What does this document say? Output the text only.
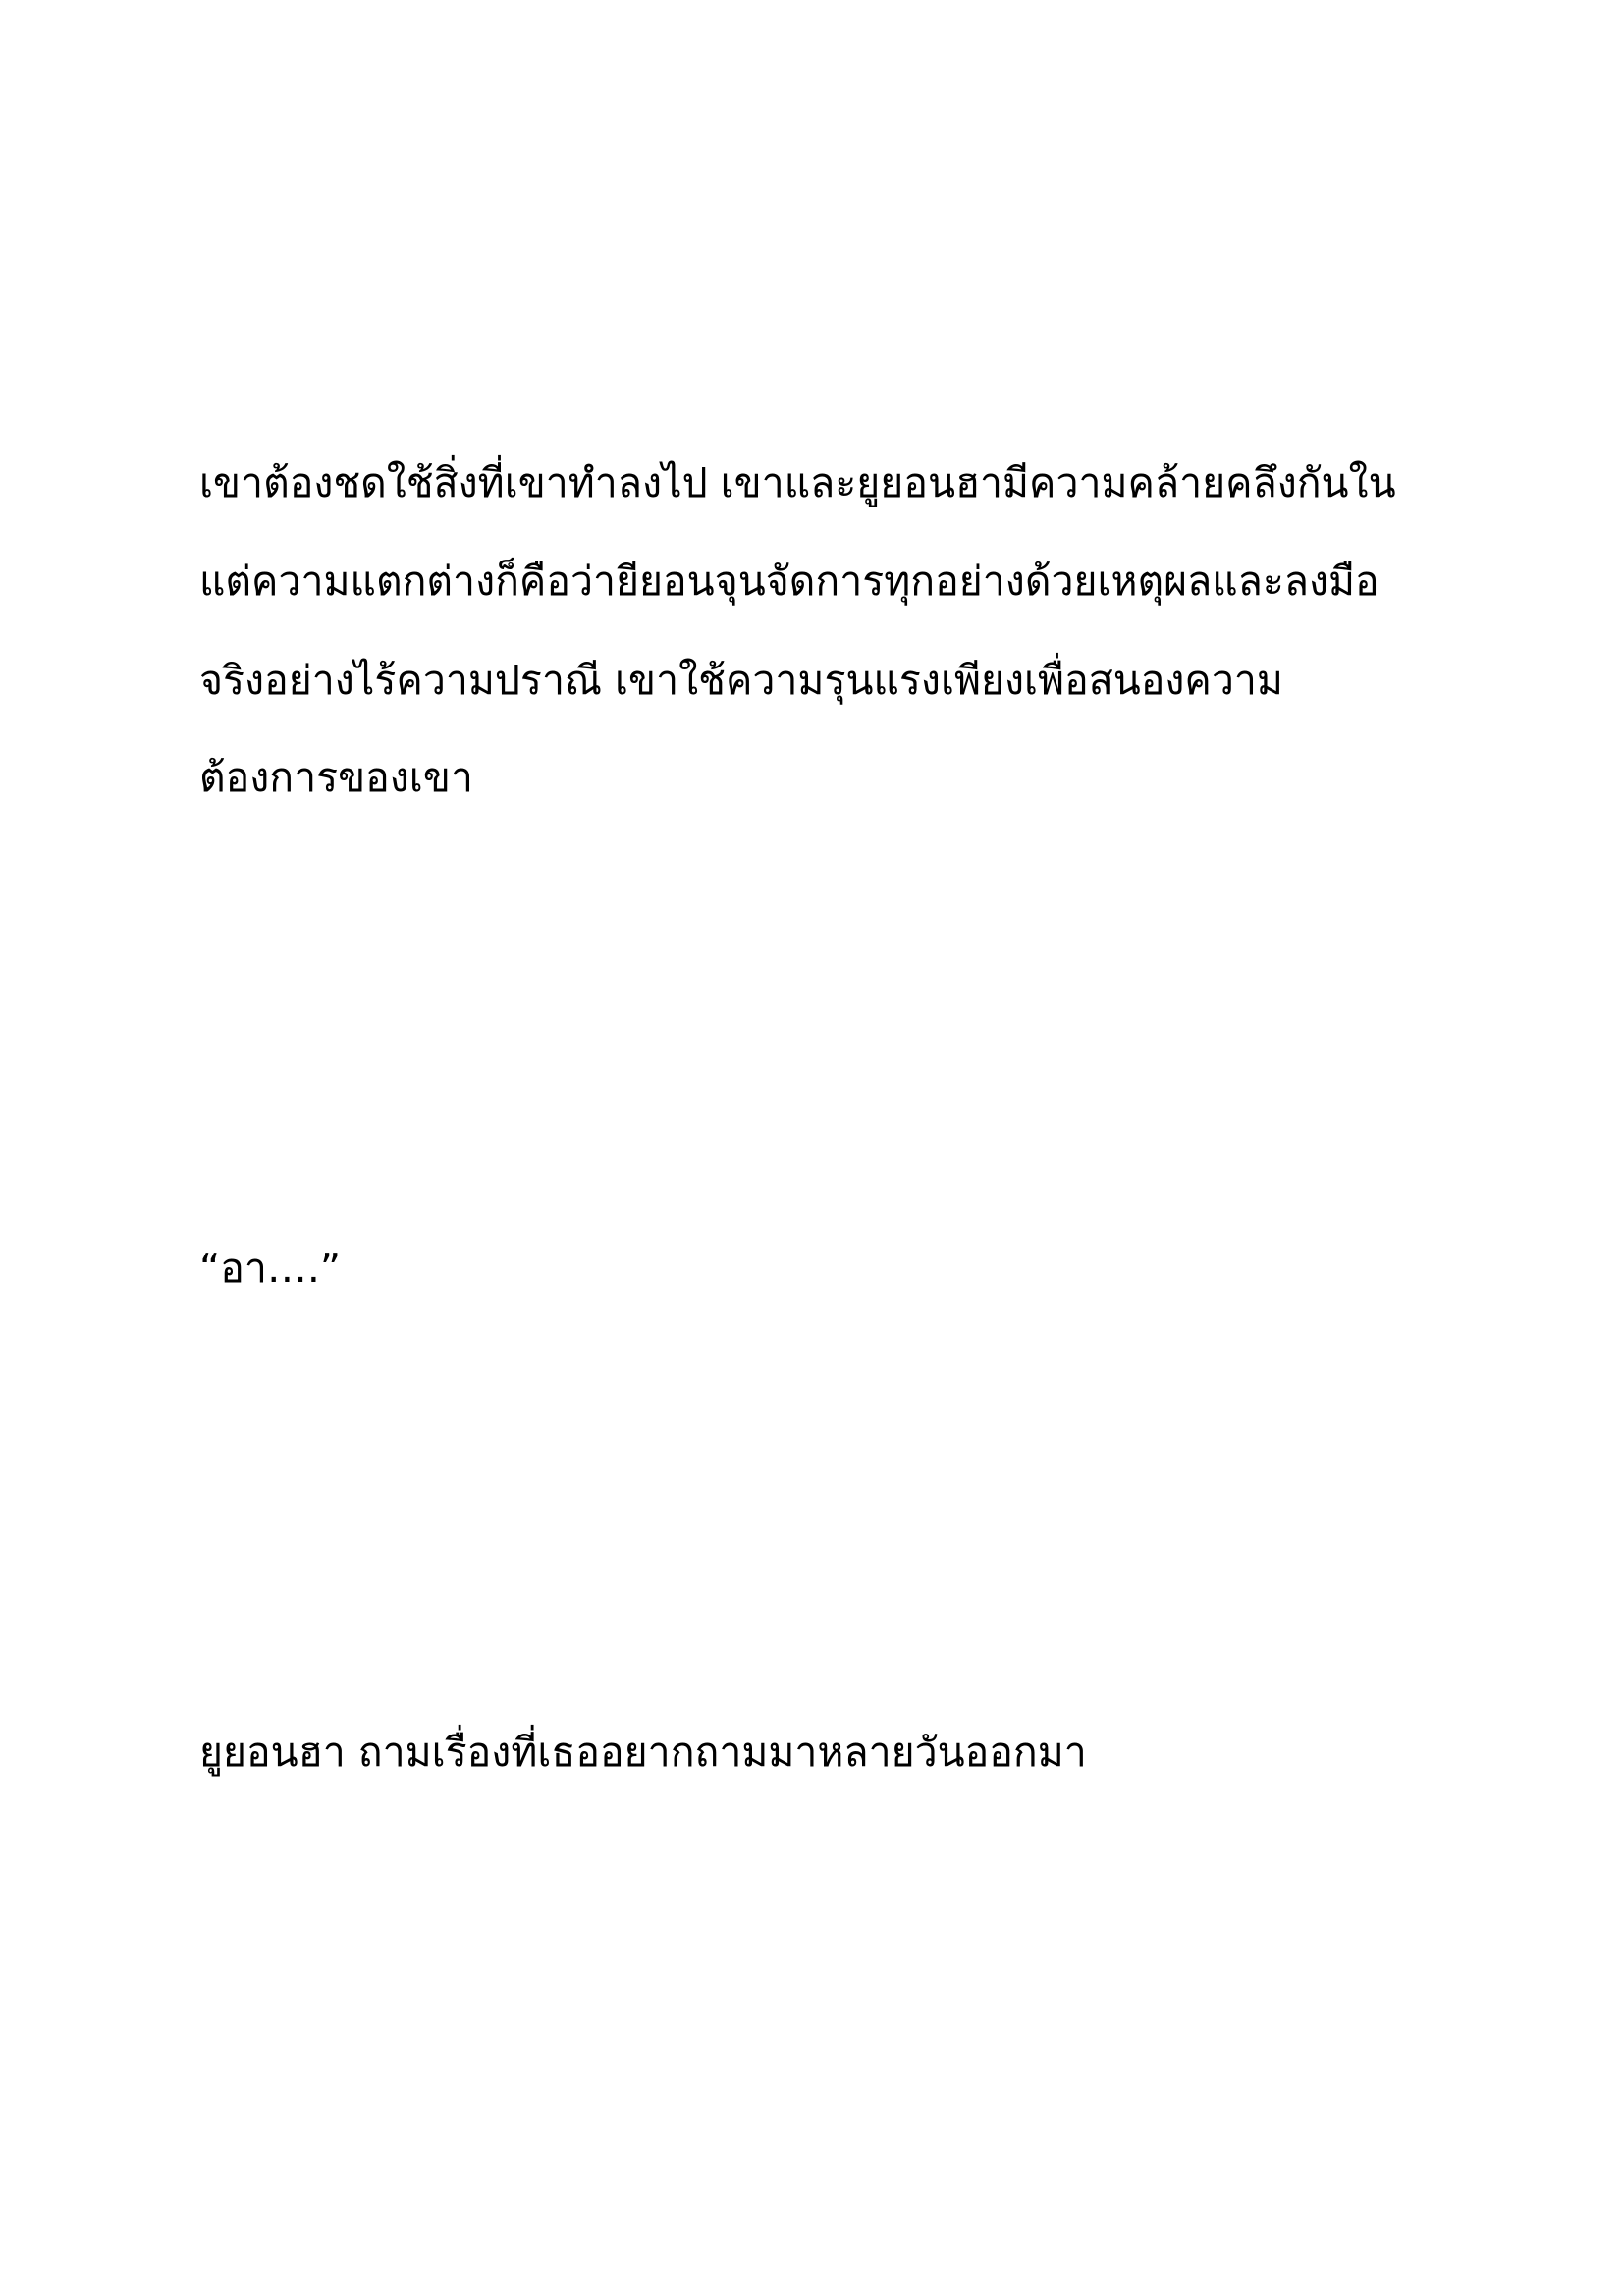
เขาต้องชดใช้สิ่งที่เขาทำลงไป เขาและยูยอนฮามีความคล้ายคลึงกันใน

แต่ความแตกต่างก็คือว่ายียอนจุนจัดการทุกอย่างด้วยเหตุผลและลงมือ

จริงอย่างไร้ความปราณี เขาใช้ความรุนแรงเพียงเพื่อสนองความ

ต้องการของเขา

“อา….”

ยูยอนฮา ถามเรื่องที่เธออยากถามมาหลายวันออกมา
